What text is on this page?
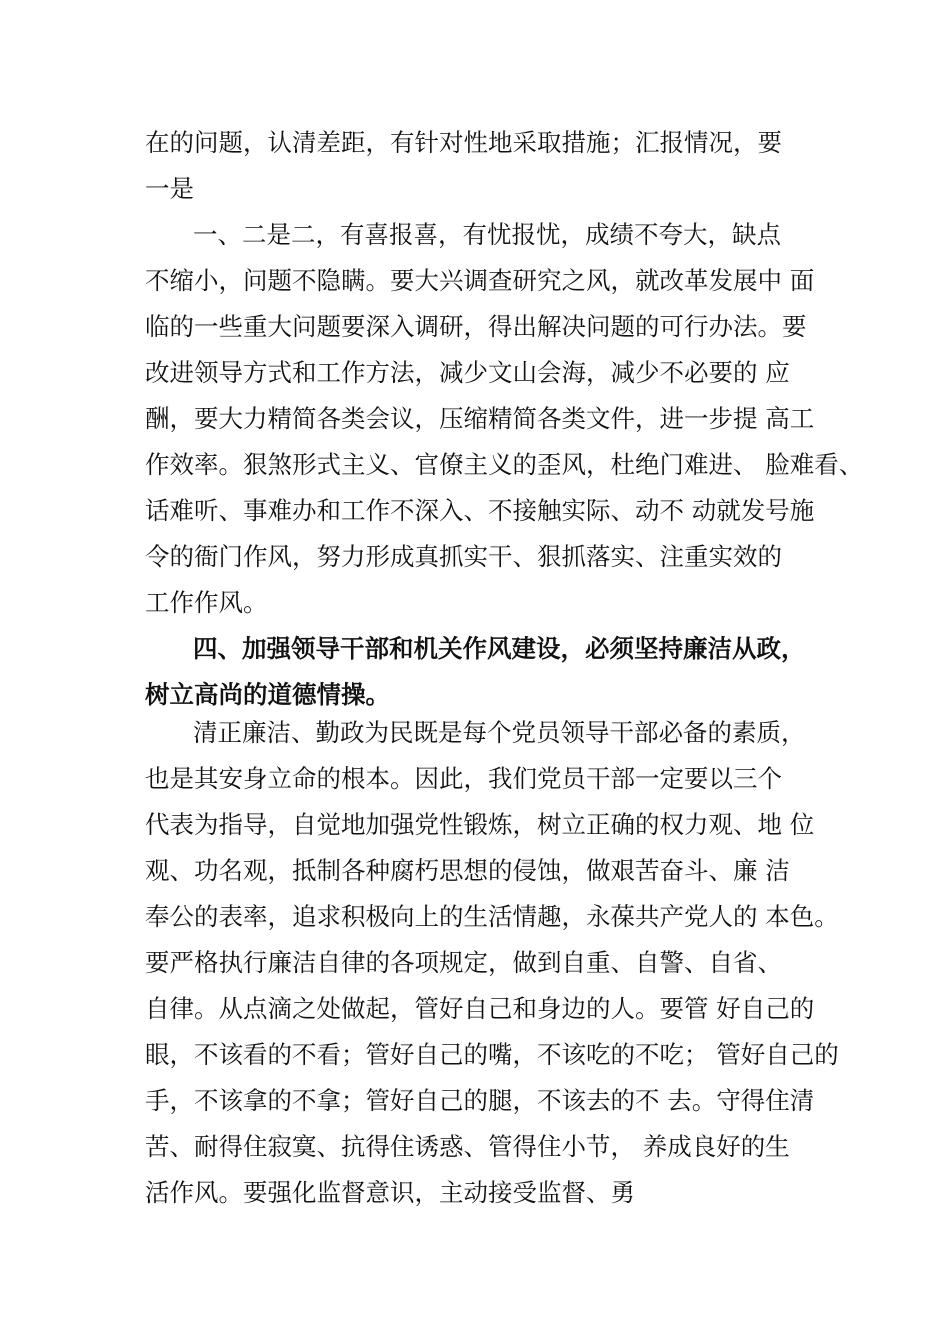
在的问题，认清差距，有针对性地采取措施；汇报情况，要
一是
一、二是二，有喜报喜，有忧报忧，成绩不夸大，缺点
不缩小，问题不隐瞒。要大兴调查研究之风，就改革发展中 面
临的一些重大问题要深入调研，得出解决问题的可行办法。要
改进领导方式和工作方法，减少文山会海，减少不必要的 应
酬，要大力精简各类会议，压缩精简各类文件，进一步提 高工
作效率。狠煞形式主义、官僚主义的歪风，杜绝门难进、 脸难看、
话难听、事难办和工作不深入、不接触实际、动不 动就发号施
令的衙门作风，努力形成真抓实干、狠抓落实、注重实效的
工作作风。
四、加强领导干部和机关作风建设，必须坚持廉洁从政，
树立高尚的道德情操。
清正廉洁、勤政为民既是每个党员领导干部必备的素质，
也是其安身立命的根本。因此，我们党员干部一定要以三个
代表为指导，自觉地加强党性锻炼，树立正确的权力观、地 位
观、功名观，抵制各种腐朽思想的侵蚀，做艰苦奋斗、廉 洁
奉公的表率，追求积极向上的生活情趣，永葆共产党人的 本色。
要严格执行廉洁自律的各项规定，做到自重、自警、自省、
自律。从点滴之处做起，管好自己和身边的人。要管 好自己的
眼，不该看的不看；管好自己的嘴，不该吃的不吃； 管好自己的
手，不该拿的不拿；管好自己的腿，不该去的不 去。守得住清
苦、耐得住寂寞、抗得住诱惑、管得住小节， 养成良好的生
活作风。要强化监督意识，主动接受监督、勇
